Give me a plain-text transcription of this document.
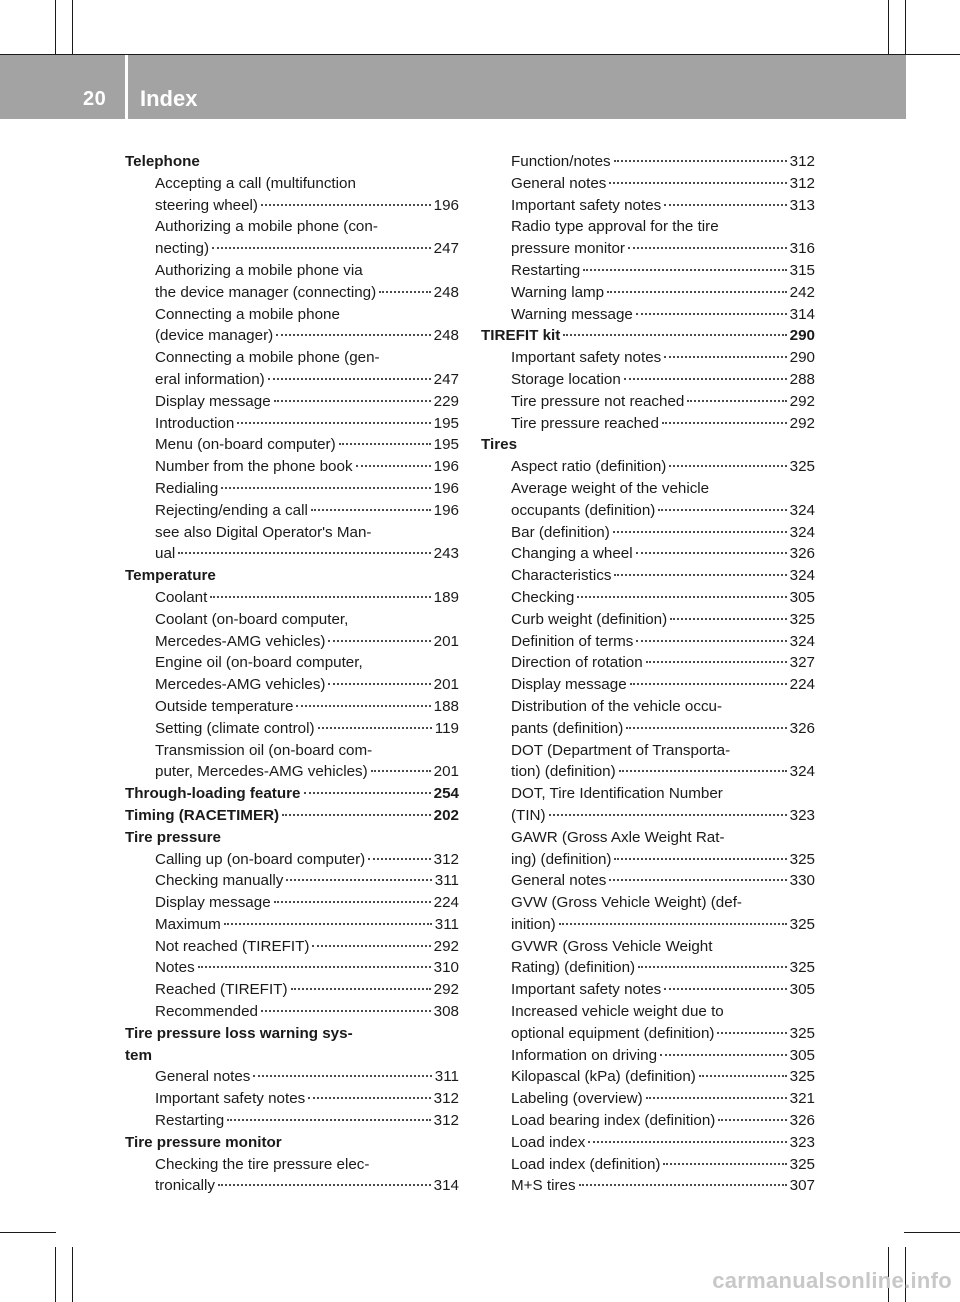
20 Index
Telephone
Accepting a call (multifunction
steering wheel)	196
Authorizing a mobile phone (con-
necting)	247
Authorizing a mobile phone via
the device manager (connecting)	248
Connecting a mobile phone
(device manager)	248
Connecting a mobile phone (gen-
eral information)	247
Display message	229
Introduction	195
Menu (on-board computer)	195
Number from the phone book	196
Redialing	196
Rejecting/ending a call	196
see also Digital Operator's Man-
ual	243
Temperature
Coolant	189
Coolant (on-board computer,
Mercedes-AMG vehicles)	201
Engine oil (on-board computer,
Mercedes-AMG vehicles)	201
Outside temperature	188
Setting (climate control)	119
Transmission oil (on-board com-
puter, Mercedes-AMG vehicles)	201
Through-loading feature	254
Timing (RACETIMER)	202
Tire pressure
Calling up (on-board computer)	312
Checking manually	311
Display message	224
Maximum	311
Not reached (TIREFIT)	292
Notes	310
Reached (TIREFIT)	292
Recommended	308
Tire pressure loss warning sys-
tem
General notes	311
Important safety notes	312
Restarting	312
Tire pressure monitor
Checking the tire pressure elec-
tronically	314
Function/notes	312
General notes	312
Important safety notes	313
Radio type approval for the tire
pressure monitor	316
Restarting	315
Warning lamp	242
Warning message	314
TIREFIT kit	290
Important safety notes	290
Storage location	288
Tire pressure not reached	292
Tire pressure reached	292
Tires
Aspect ratio (definition)	325
Average weight of the vehicle
occupants (definition)	324
Bar (definition)	324
Changing a wheel	326
Characteristics	324
Checking	305
Curb weight (definition)	325
Definition of terms	324
Direction of rotation	327
Display message	224
Distribution of the vehicle occu-
pants (definition)	326
DOT (Department of Transporta-
tion) (definition)	324
DOT, Tire Identification Number
(TIN)	323
GAWR (Gross Axle Weight Rat-
ing) (definition)	325
General notes	330
GVW (Gross Vehicle Weight) (def-
inition)	325
GVWR (Gross Vehicle Weight
Rating) (definition)	325
Important safety notes	305
Increased vehicle weight due to
optional equipment (definition)	325
Information on driving	305
Kilopascal (kPa) (definition)	325
Labeling (overview)	321
Load bearing index (definition)	326
Load index	323
Load index (definition)	325
M+S tires	307
carmanualsonline.info
